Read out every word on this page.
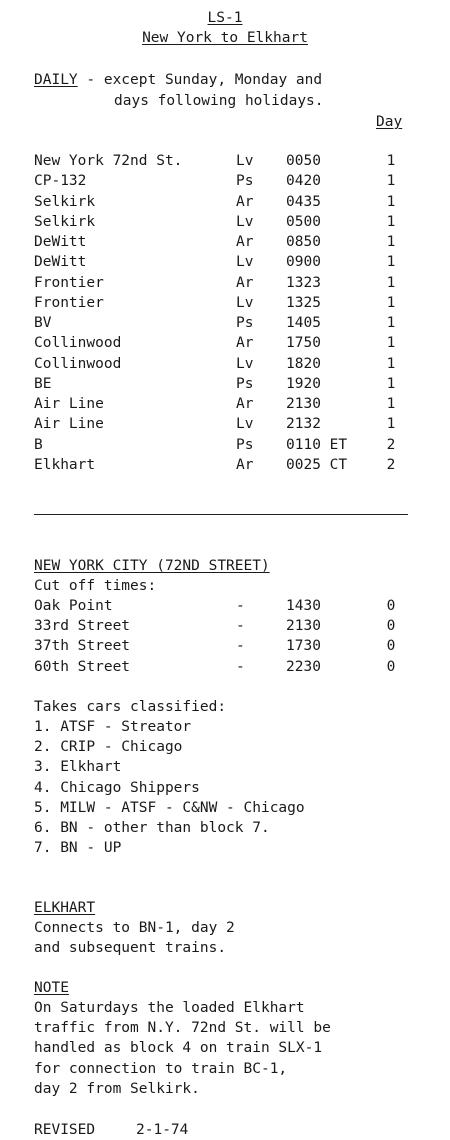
LS-1
New York to Elkhart
DAILY - except Sunday, Monday and
days following holidays.
Day
New York 72nd St.	Lv 0050	1
CP-132	Ps 0420	1
Selkirk	Ar 0435	1
Selkirk	Lv 0500	1
DeWitt	Ar 0850	1
DeWitt	Lv 0900	1
Frontier	Ar 1323	1
Frontier	Lv 1325	1
BV	Ps 1405	1
Collinwood	Ar 1750	1
Collinwood	Lv 1820	1
BE	Ps 1920	1
Air Line	Ar 2130	1
Air Line	Lv 2132	1
B	Ps 0110 ET	2
Elkhart	Ar 0025 CT	2
NEW YORK CITY (72ND STREET)
Cut off times:
Oak Point	-	1430	0
33rd Street	-	2130	0
37th Street	-	1730	0
60th Street	-	2230	0
Takes cars classified:
1. ATSF - Streator
2. CRIP - Chicago
3. Elkhart
4. Chicago Shippers
5. MILW - ATSF - C&NW - Chicago
6. BN - other than block 7.
7. BN - UP
ELKHART
Connects to BN-1, day 2
and subsequent trains.
NOTE
On Saturdays the loaded Elkhart
traffic from N.Y. 72nd St. will be
handled as block 4 on train SLX-1
for connection to train BC-1,
day 2 from Selkirk.
REVISED	2-1-74
